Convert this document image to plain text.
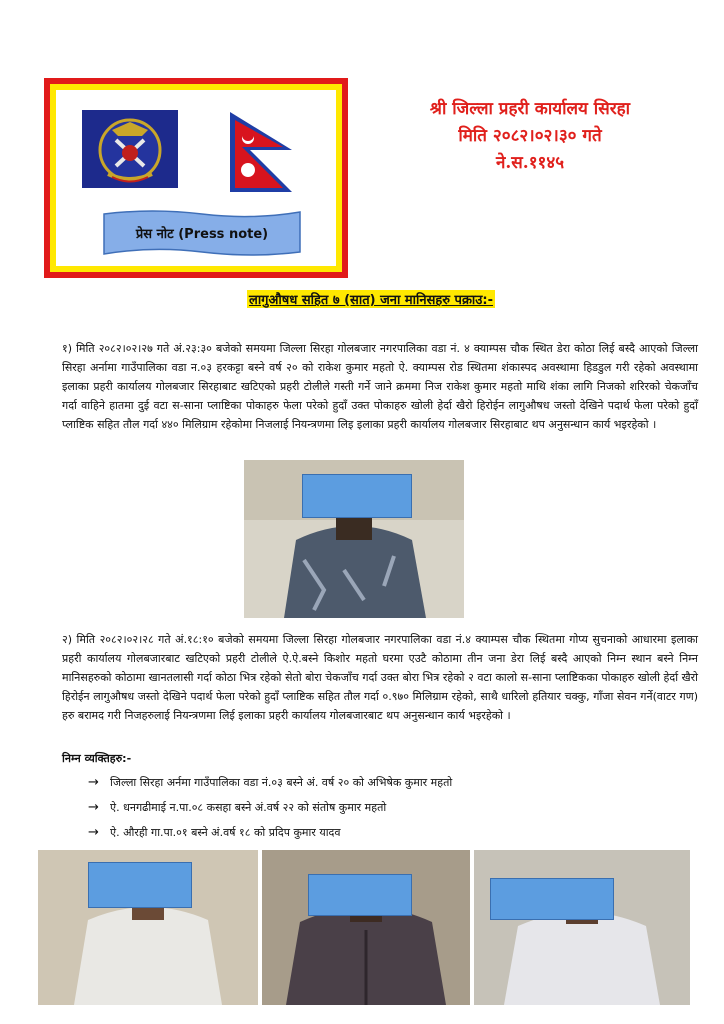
प्रेस नोट (Press note)
श्री जिल्ला प्रहरी कार्यालय सिरहा
मिति २०८२।०२।३० गते
ने.स.११४५
लागुऔषध सहित ७ (सात) जना मानिसहरु पक्राउ:-

१) मिति २०८२।०२।२७ गते अं.२३:३० बजेको समयमा जिल्ला सिरहा गोलबजार नगरपालिका वडा नं. ४ क्याम्पस चौक स्थित डेरा कोठा लिई बस्दै आएको जिल्ला सिरहा अर्नामा गाउँपालिका वडा न.०३ हरकट्टा बस्ने वर्ष २० को राकेश कुमार महतो ऐ. क्याम्पस रोड स्थितमा शंकास्पद अवस्थामा हिडडुल गरी रहेको अवस्थामा इलाका प्रहरी कार्यालय गोलबजार सिरहाबाट खटिएको प्रहरी टोलीले गस्ती गर्ने जाने क्रममा निज राकेश कुमार महतो माथि शंका लागि निजको शरिरको चेकजाँच गर्दा वाहिने हातमा दुई वटा स-साना प्लाष्टिका पोकाहरु फेला परेको हुदाँ उक्त पोकाहरु खोली हेर्दा खैरो हिरोईन लागुऔषध जस्तो देखिने पदार्थ फेला परेको हुदाँ प्लाष्टिक सहित तौल गर्दा ४४० मिलिग्राम रहेकोमा निजलाई नियन्त्रणमा लिइ इलाका प्रहरी कार्यालय गोलबजार सिरहाबाट थप अनुसन्धान कार्य भइरहेको ।

२) मिति २०८२।०२।२८ गते अं.१८:१० बजेको समयमा जिल्ला सिरहा गोलबजार नगरपालिका वडा नं.४ क्याम्पस चौक स्थितमा गोप्य सुचनाको आधारमा इलाका प्रहरी कार्यालय गोलबजारबाट खटिएको प्रहरी टोलीले ऐ.ऐ.बस्ने किशोर महतो घरमा एउटै कोठामा तीन जना डेरा लिई बस्दै आएको निम्न स्थान बस्ने निम्न मानिसहरुको कोठामा खानतलासी गर्दा कोठा भित्र रहेको सेतो बोरा चेकजाँच गर्दा उक्त बोरा भित्र रहेको २ वटा कालो स-साना प्लाष्टिकका पोकाहरु खोली हेर्दा खैरो हिरोईन लागुऔषध जस्तो देखिने पदार्थ फेला परेको हुदाँ प्लाष्टिक सहित तौल गर्दा ०.९७० मिलिग्राम रहेको, साथै धारिलो हतियार चक्कु, गाँजा सेवन गर्ने(वाटर गण) हरु बरामद गरी निजहरुलाई नियन्त्रणमा लिई इलाका प्रहरी कार्यालय गोलबजारबाट थप अनुसन्धान कार्य भइरहेको ।

निम्न व्यक्तिहरु:-
→	जिल्ला सिरहा अर्नमा गाउँपालिका वडा नं.०३ बस्ने अं. वर्ष २० को अभिषेक कुमार महतो
→	ऐ. धनगढीमाई न.पा.०८ कसहा बस्ने अं.वर्ष २२ को संतोष कुमार महतो
→	ऐ. औरही गा.पा.०१ बस्ने अं.वर्ष १८ को प्रदिप कुमार यादव
